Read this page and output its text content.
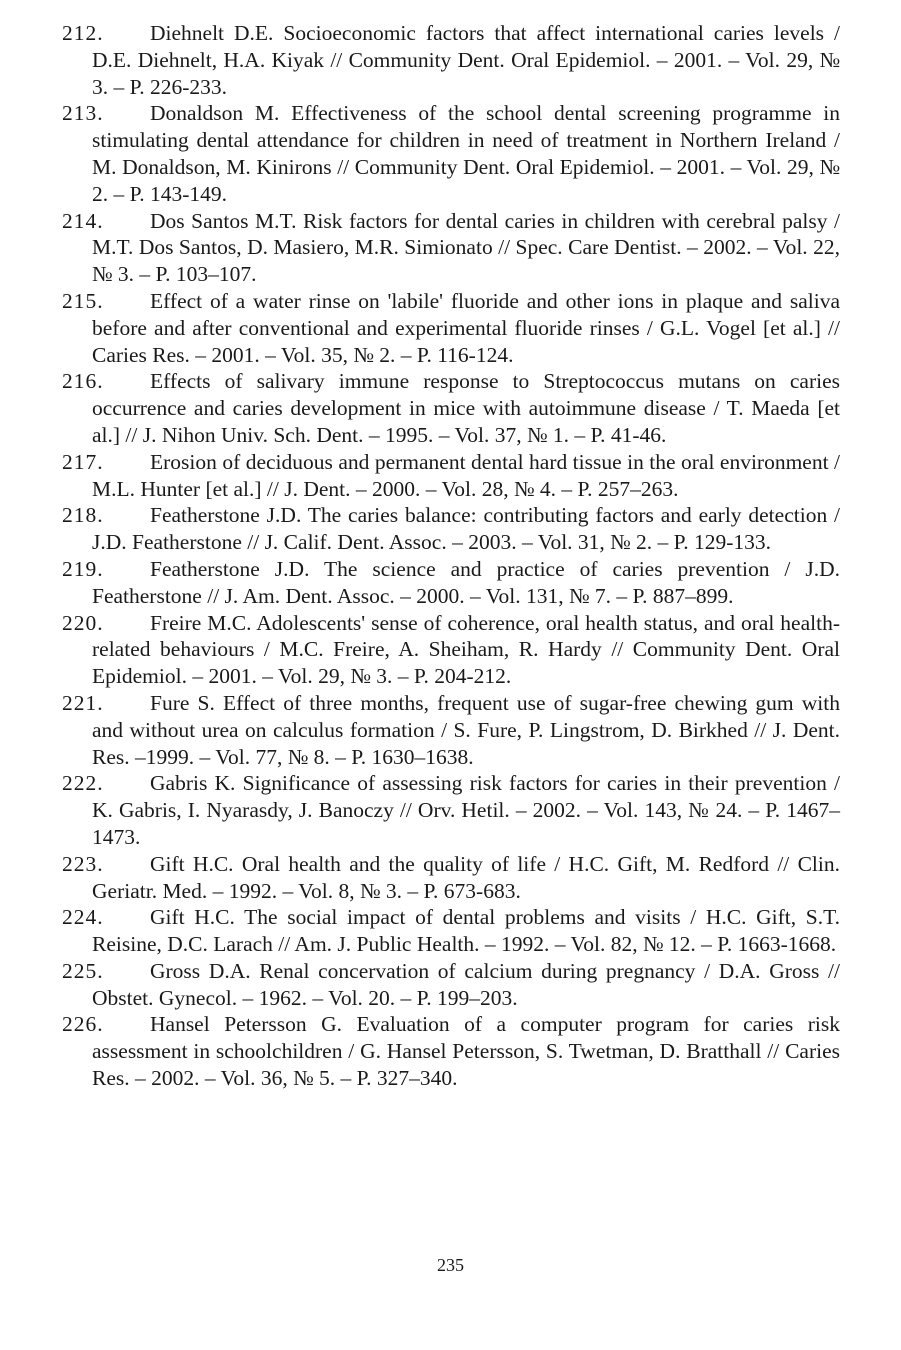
212.	Diehnelt D.E. Socioeconomic factors that affect international caries levels / D.E. Diehnelt, H.A. Kiyak // Community Dent. Oral Epidemiol. – 2001. – Vol. 29, № 3. – P. 226-233.
213.	Donaldson M. Effectiveness of the school dental screening programme in stimulating dental attendance for children in need of treatment in Northern Ireland / M. Donaldson, M. Kinirons // Community Dent. Oral Epidemiol. – 2001. – Vol. 29, № 2. – P. 143-149.
214.	Dos Santos M.T. Risk factors for dental caries in children with cerebral palsy / M.T. Dos Santos, D. Masiero, M.R. Simionato // Spec. Care Dentist. – 2002. – Vol. 22, № 3. – P. 103–107.
215.	Effect of a water rinse on 'labile' fluoride and other ions in plaque and saliva before and after conventional and experimental fluoride rinses / G.L. Vogel [et al.] // Caries Res. – 2001. – Vol. 35, № 2. – P. 116-124.
216.	Effects of salivary immune response to Streptococcus mutans on caries occurrence and caries development in mice with autoimmune disease / T. Maeda [et al.] // J. Nihon Univ. Sch. Dent. – 1995. – Vol. 37, № 1. – P. 41-46.
217.	Erosion of deciduous and permanent dental hard tissue in the oral environment / M.L. Hunter [et al.] // J. Dent. – 2000. – Vol. 28, № 4. – P. 257–263.
218.	Featherstone J.D. The caries balance: contributing factors and early detection / J.D. Featherstone // J. Calif. Dent. Assoc. – 2003. – Vol. 31, № 2. – P. 129-133.
219.	Featherstone J.D. The science and practice of caries prevention / J.D. Featherstone // J. Am. Dent. Assoc. – 2000. – Vol. 131, № 7. – P. 887–899.
220.	Freire M.C. Adolescents' sense of coherence, oral health status, and oral health-related behaviours / M.C. Freire, A. Sheiham, R. Hardy // Community Dent. Oral Epidemiol. – 2001. – Vol. 29, № 3. – P. 204-212.
221.	Fure S. Effect of three months, frequent use of sugar-free chewing gum with and without urea on calculus formation / S. Fure, P. Lingstrom, D. Birkhed // J. Dent. Res. –1999. – Vol. 77, № 8. – P. 1630–1638.
222.	Gabris K. Significance of assessing risk factors for caries in their prevention / K. Gabris, I. Nyarasdy, J. Banoczy // Orv. Hetil. – 2002. – Vol. 143, № 24. – P. 1467–1473.
223.	Gift H.C. Oral health and the quality of life / H.C. Gift, M. Redford // Clin. Geriatr. Med. – 1992. – Vol. 8, № 3. – P. 673-683.
224.	Gift H.C. The social impact of dental problems and visits / H.C. Gift, S.T. Reisine, D.C. Larach // Am. J. Public Health. – 1992. – Vol. 82, № 12. – P. 1663-1668.
225.	Gross D.A. Renal concervation of calcium during pregnancy / D.A. Gross // Obstet. Gynecol. – 1962. – Vol. 20. – P. 199–203.
226.	Hansel Petersson G. Evaluation of a computer program for caries risk assessment in schoolchildren / G. Hansel Petersson, S. Twetman, D. Bratthall // Caries Res. – 2002. – Vol. 36, № 5. – P. 327–340.
235
